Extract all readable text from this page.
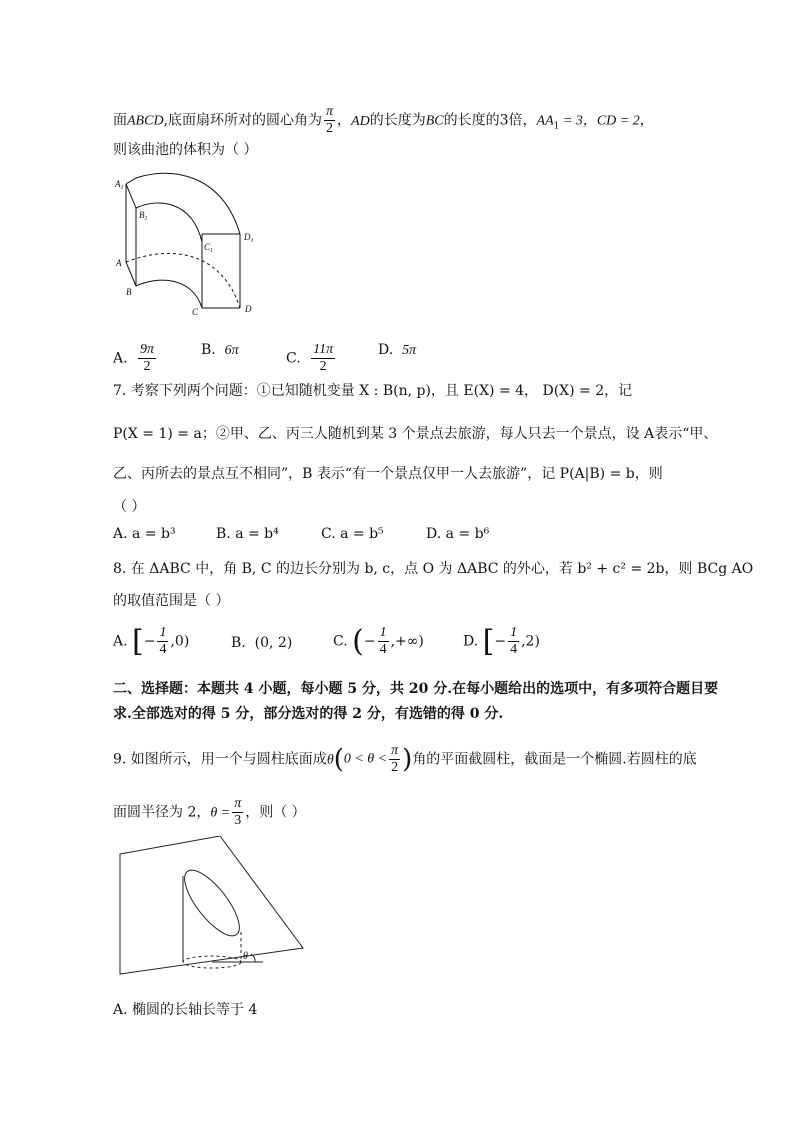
面ABCD,底面扇环所对的圆心角为 $\frac{\pi}{2}$ ，AD的长度为BC的长度的3倍，$AA_1 = 3$，CD = 2，
则该曲池的体积为（ ）
$A_1$
$B_1$
$C_1$
$D_1$
A
B
C	D
A. $\frac{9\pi}{2}$	B. 6π	C. $\frac{11\pi}{2}$	D. 5π
7. 考察下列两个问题：①已知随机变量 X : B(n, p)，且 E(X) = 4， D(X) = 2，记
P(X = 1) = a；②甲、乙、丙三人随机到某 3 个景点去旅游，每人只去一个景点，设 A表示“甲、
乙、丙所去的景点互不相同”，B 表示“有一个景点仅甲一人去旅游”，记 P(A|B) = b，则
（ ）
A. a = b³	B. a = b⁴	C. a = b⁵	D. a = b⁶
8. 在 ΔABC 中，角 B, C 的边长分别为 b, c，点 O 为 ΔABC 的外心，若 b² + c² = 2b，则 BCg AO
的取值范围是（ ）
A. [− $\frac{1}{4} ,0$)	B. (0, 2)	C. (− $\frac{1}{4}$ ,+∞)	D. [− $\frac{1}{4} ,2$)
二、选择题：本题共 4 小题，每小题 5 分，共 20 分.在每小题给出的选项中，有多项符合题目要
求.全部选对的得 5 分，部分选对的得 2 分，有选错的得 0 分.
9. 如图所示，用一个与圆柱底面成$\theta(0 < \theta < \frac{\pi}{2}$ )角的平面截圆柱，截面是一个椭圆.若圆柱的底
面圆半径为 2，$\theta = \frac{\pi}{3}$ ，则（ ）
θ
A. 椭圆的长轴长等于 4
